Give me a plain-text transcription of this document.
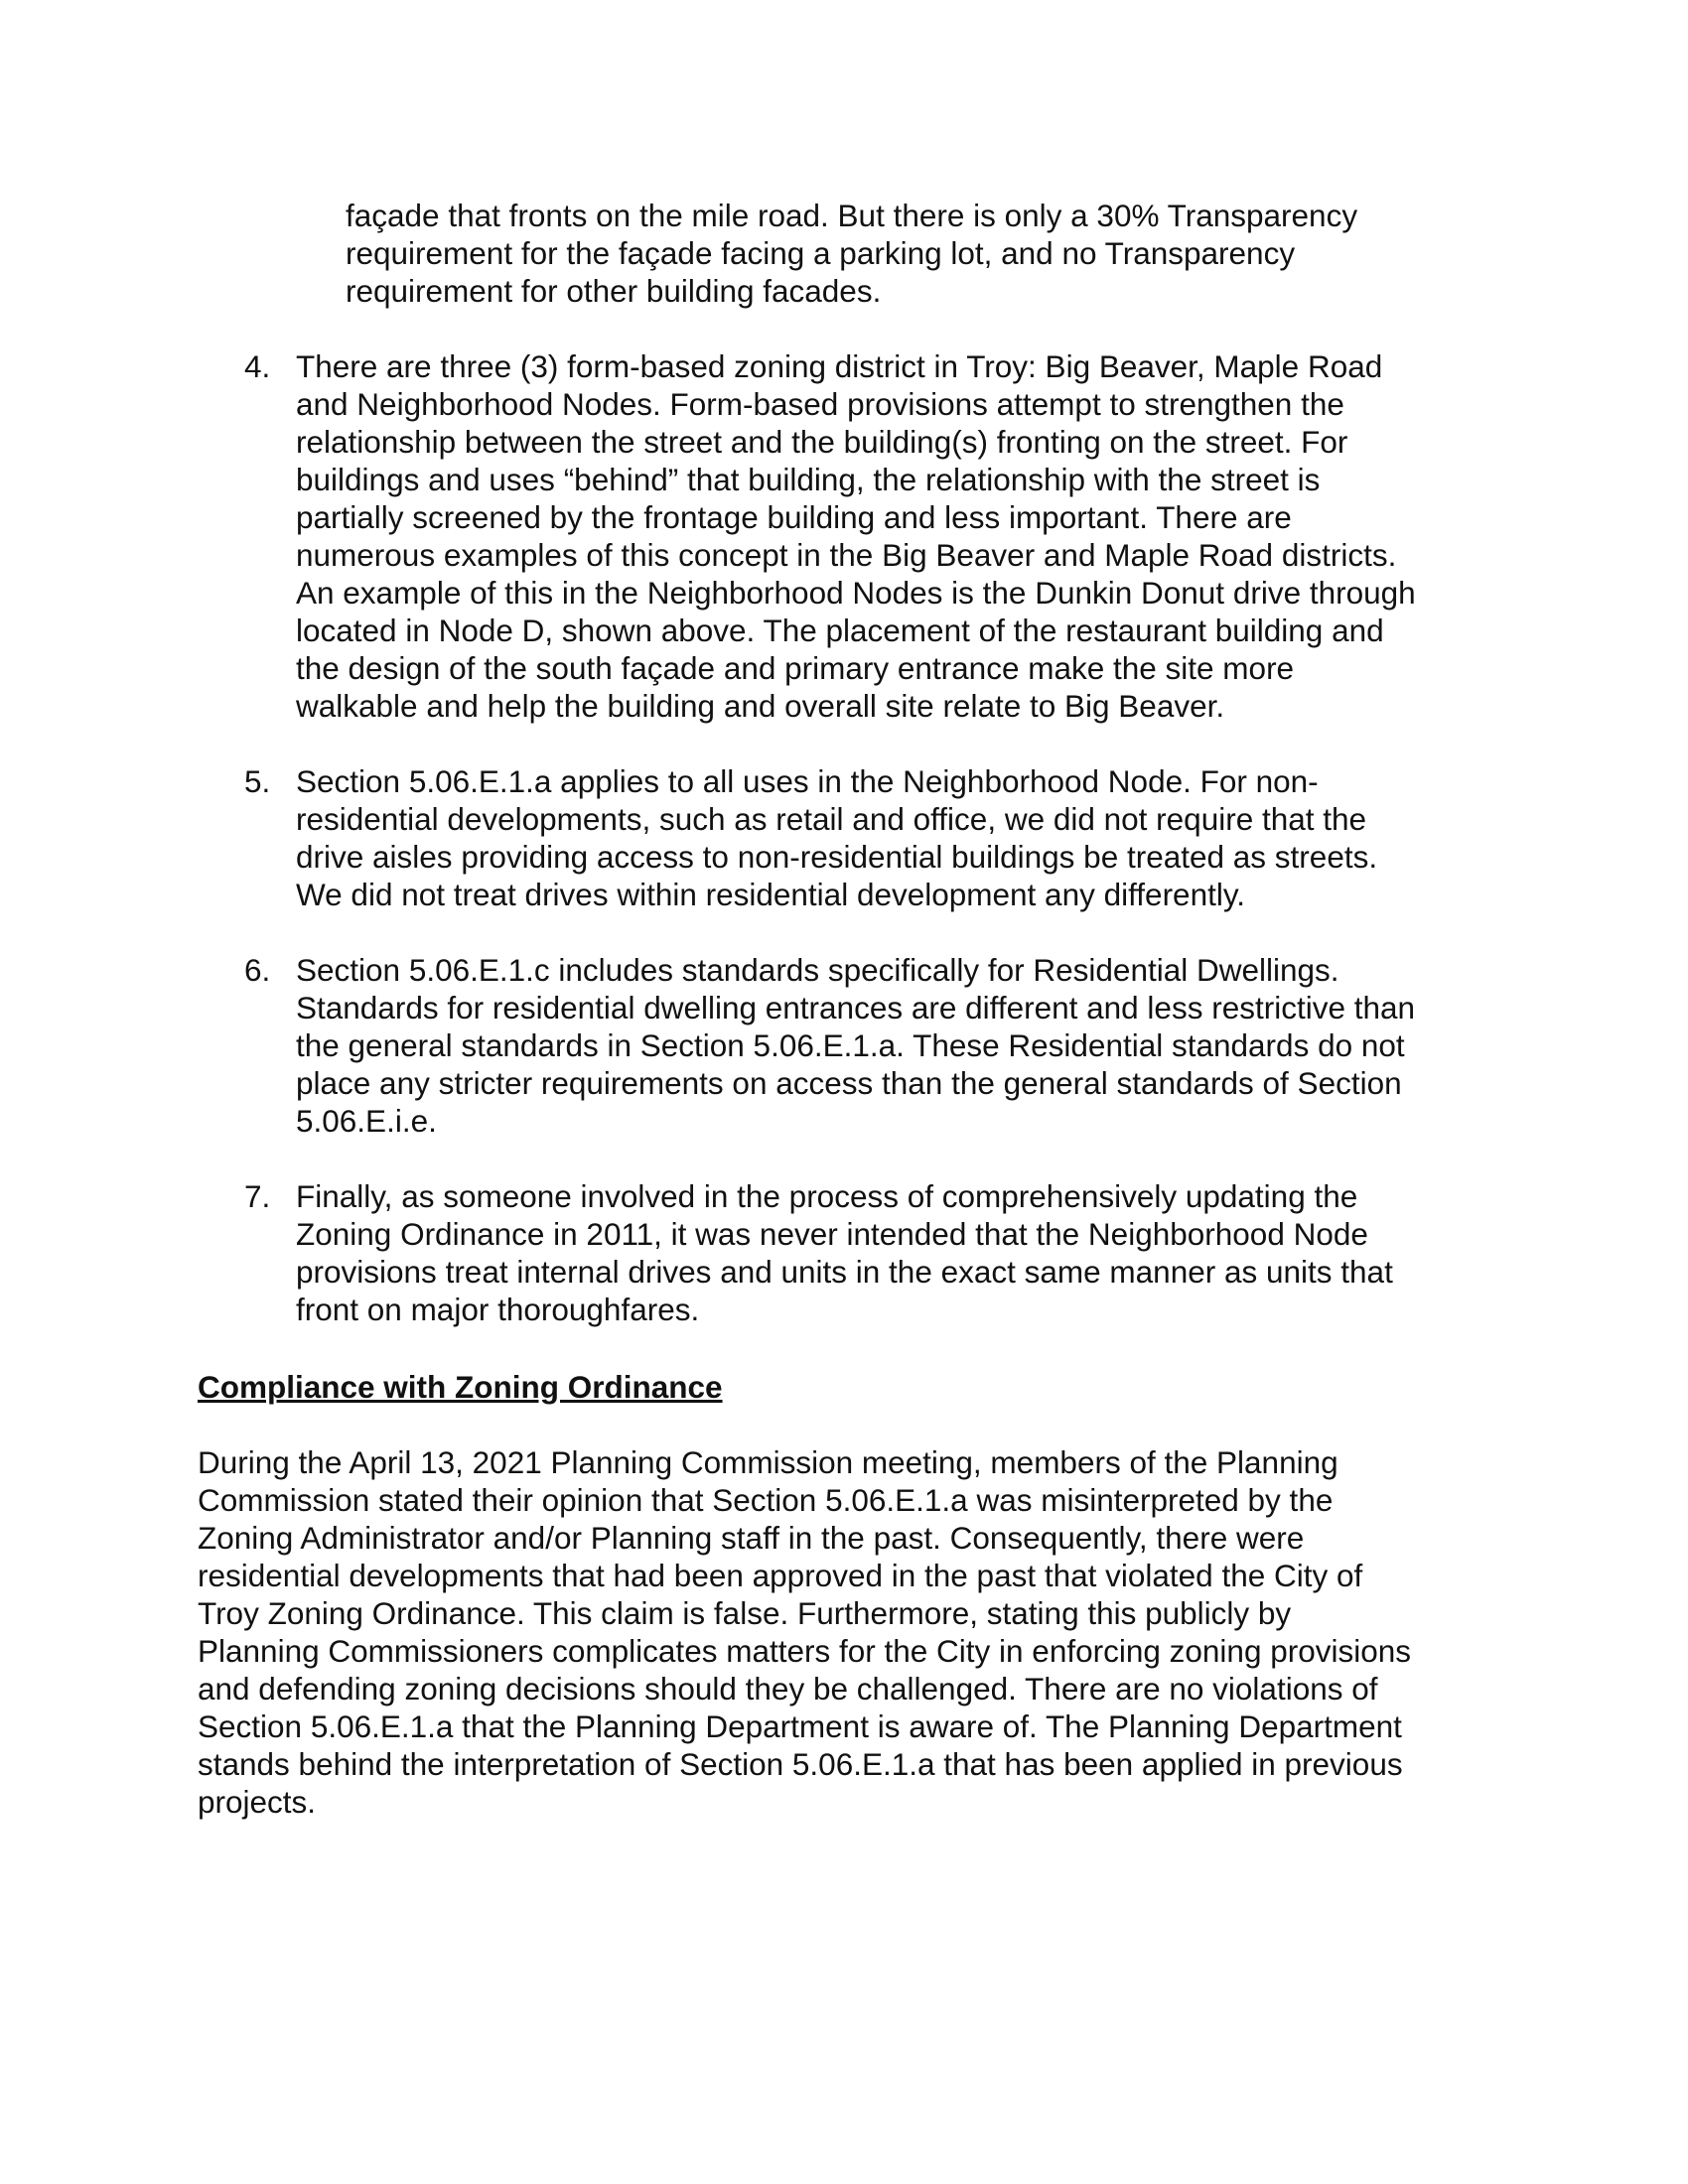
façade that fronts on the mile road. But there is only a 30% Transparency

requirement for the façade facing a parking lot, and no Transparency

requirement for other building facades.

4. There are three (3) form-based zoning district in Troy: Big Beaver, Maple Road

and Neighborhood Nodes. Form-based provisions attempt to strengthen the

relationship between the street and the building(s) fronting on the street. For

buildings and uses “behind” that building, the relationship with the street is

partially screened by the frontage building and less important. There are

numerous examples of this concept in the Big Beaver and Maple Road districts.

An example of this in the Neighborhood Nodes is the Dunkin Donut drive through

located in Node D, shown above. The placement of the restaurant building and

the design of the south façade and primary entrance make the site more

walkable and help the building and overall site relate to Big Beaver.

5. Section 5.06.E.1.a applies to all uses in the Neighborhood Node. For non-

residential developments, such as retail and office, we did not require that the

drive aisles providing access to non-residential buildings be treated as streets.

We did not treat drives within residential development any differently.

6. Section 5.06.E.1.c includes standards specifically for Residential Dwellings.

Standards for residential dwelling entrances are different and less restrictive than

the general standards in Section 5.06.E.1.a. These Residential standards do not

place any stricter requirements on access than the general standards of Section

5.06.E.i.e.

7. Finally, as someone involved in the process of comprehensively updating the

Zoning Ordinance in 2011, it was never intended that the Neighborhood Node

provisions treat internal drives and units in the exact same manner as units that

front on major thoroughfares.

Compliance with Zoning Ordinance

During the April 13, 2021 Planning Commission meeting, members of the Planning

Commission stated their opinion that Section 5.06.E.1.a was misinterpreted by the

Zoning Administrator and/or Planning staff in the past. Consequently, there were

residential developments that had been approved in the past that violated the City of

Troy Zoning Ordinance. This claim is false. Furthermore, stating this publicly by

Planning Commissioners complicates matters for the City in enforcing zoning provisions

and defending zoning decisions should they be challenged. There are no violations of

Section 5.06.E.1.a that the Planning Department is aware of. The Planning Department

stands behind the interpretation of Section 5.06.E.1.a that has been applied in previous

projects.
